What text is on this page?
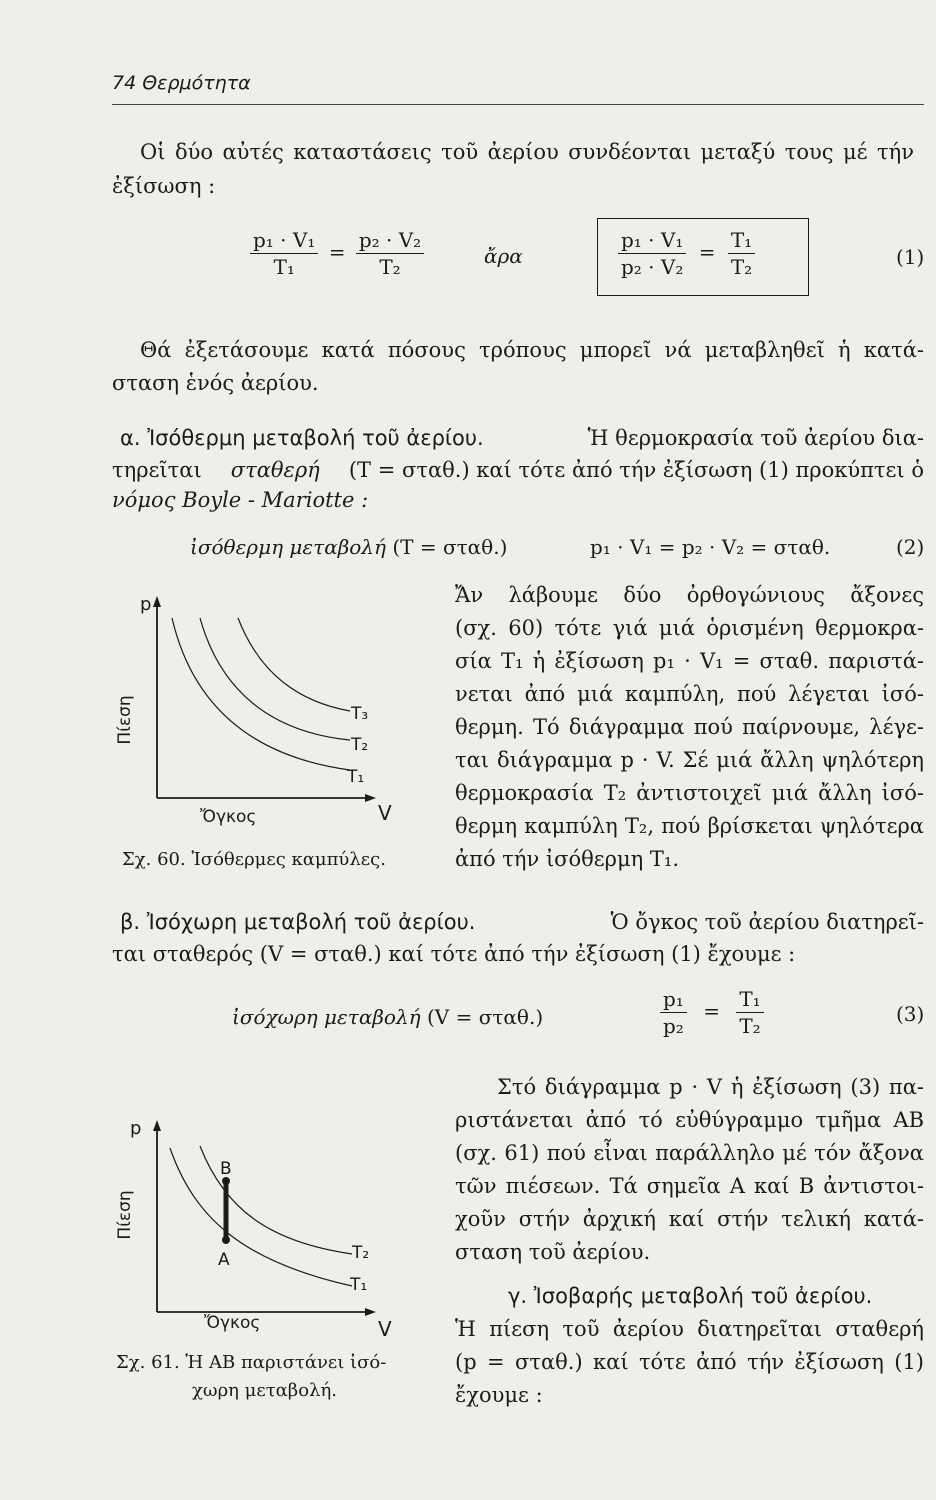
74 Θερμότητα
Οἱ δύο αὐτές καταστάσεις τοῦ ἀερίου συνδέονται μεταξύ τους μέ τήν
ἐξίσωση :
$\frac{\text{p₁ · V₁}}{\text{T₁}} = \frac{\text{p₂ · V₂}}{\text{T₂}}$	ἄρα	$\frac{\text{p₁ · V₁}}{\text{p₂ · V₂}} = \frac{\text{T₁}}{\text{T₂}}$	(1)
Θά ἐξετάσουμε κατά πόσους τρόπους μπορεῖ νά μεταβληθεῖ ἡ κατά-
σταση ἑνός ἀερίου.
α. Ἰσόθερμη μεταβολή τοῦ ἀερίου.	Ἡ θερμοκρασία τοῦ ἀερίου δια-
τηρεῖται σταθερή (T = σταθ.) καί τότε ἀπό τήν ἐξίσωση (1) προκύπτει ὁ
νόμος Boyle - Mariotte :
ἰσόθερμη μεταβολή (T = σταθ.)	p₁ · V₁ = p₂ · V₂ = σταθ.	(2)
Ἄν λάβουμε δύο ὀρθογώνιους ἄξονες
(σχ. 60) τότε γιά μιά ὁρισμένη θερμοκρα-
σία T₁ ἡ ἐξίσωση p₁ · V₁ = σταθ. παριστά-
νεται ἀπό μιά καμπύλη, πού λέγεται ἰσό-
θερμη. Τό διάγραμμα πού παίρνουμε, λέγε-
ται διάγραμμα p · V. Σέ μιά ἄλλη ψηλότερη
θερμοκρασία T₂ ἀντιστοιχεῖ μιά ἄλλη ἰσό-
θερμη καμπύλη T₂, πού βρίσκεται ψηλότερα
ἀπό τήν ἰσόθερμη T₁.
p
V
Πίεση
Ὄγκος
T₃
T₂
T₁
Σχ. 60. Ἰσόθερμες καμπύλες.
β. Ἰσόχωρη μεταβολή τοῦ ἀερίου.	Ὁ ὄγκος τοῦ ἀερίου διατηρεῖ-
ται σταθερός (V = σταθ.) καί τότε ἀπό τήν ἐξίσωση (1) ἔχουμε :
ἰσόχωρη μεταβολή (V = σταθ.)	$\frac{\text{p₁}}{\text{p₂}} = \frac{\text{T₁}}{\text{T₂}}$	(3)
Στό διάγραμμα p · V ἡ ἐξίσωση (3) πα-
ριστάνεται ἀπό τό εὐθύγραμμο τμῆμα AB
(σχ. 61) πού εἶναι παράλληλο μέ τόν ἄξονα
τῶν πιέσεων. Τά σημεῖα A καί B ἀντιστοι-
χοῦν στήν ἀρχική καί στήν τελική κατά-
σταση τοῦ ἀερίου.
p
V
Πίεση
Ὄγκος
B
A	T₂
T₁
Σχ. 61. Ἡ AB παριστάνει ἰσό-
χωρη μεταβολή.
γ. Ἰσοβαρής μεταβολή τοῦ ἀερίου.
Ἡ πίεση τοῦ ἀερίου διατηρεῖται σταθερή
(p = σταθ.) καί τότε ἀπό τήν ἐξίσωση (1)
ἔχουμε :
